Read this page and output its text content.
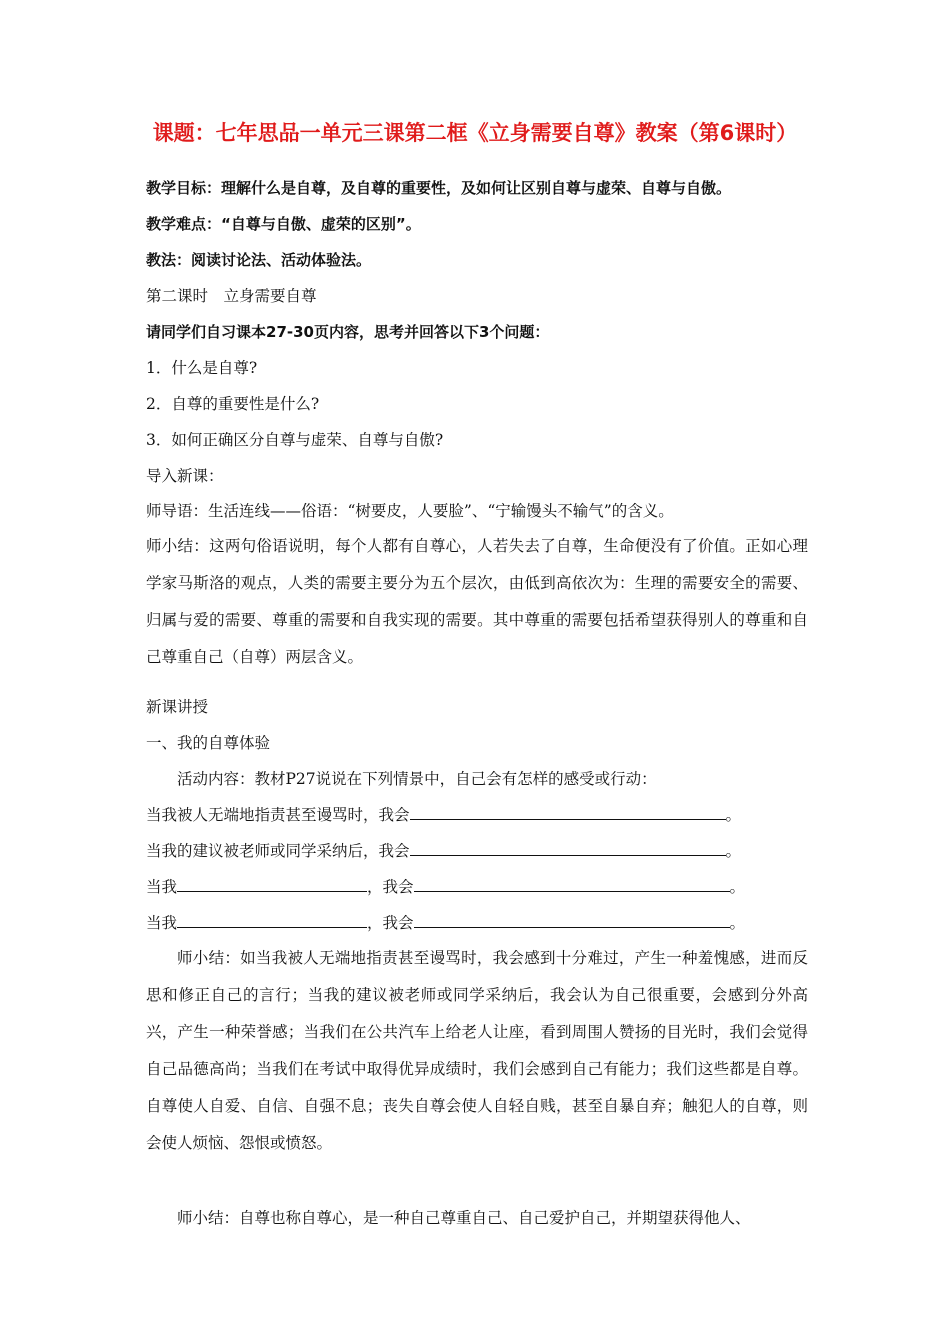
课题：七年思品一单元三课第二框《立身需要自尊》教案（第6课时）
教学目标：理解什么是自尊，及自尊的重要性，及如何让区别自尊与虚荣、自尊与自傲。
教学难点：“自尊与自傲、虚荣的区别”。
教法：阅读讨论法、活动体验法。
第二课时　立身需要自尊
请同学们自习课本27-30页内容，思考并回答以下3个问题：
1．什么是自尊?
2．自尊的重要性是什么?
3．如何正确区分自尊与虚荣、自尊与自傲?
导入新课：
师导语：生活连线——俗语：“树要皮，人要脸”、“宁输馒头不输气”的含义。
师小结：这两句俗语说明，每个人都有自尊心，人若失去了自尊，生命便没有了价值。正如心理学家马斯洛的观点，人类的需要主要分为五个层次，由低到高依次为：生理的需要安全的需要、归属与爱的需要、尊重的需要和自我实现的需要。其中尊重的需要包括希望获得别人的尊重和自己尊重自己（自尊）两层含义。
新课讲授
一、我的自尊体验
活动内容：教材P27说说在下列情景中，自己会有怎样的感受或行动：
当我被人无端地指责甚至谩骂时，我会	。
当我的建议被老师或同学采纳后，我会	。
当我	，我会	。
当我	，我会	。
师小结：如当我被人无端地指责甚至谩骂时，我会感到十分难过，产生一种羞愧感，进而反思和修正自己的言行；当我的建议被老师或同学采纳后，我会认为自己很重要，会感到分外高兴，产生一种荣誉感；当我们在公共汽车上给老人让座，看到周围人赞扬的目光时，我们会觉得自己品德高尚；当我们在考试中取得优异成绩时，我们会感到自己有能力；我们这些都是自尊。自尊使人自爱、自信、自强不息；丧失自尊会使人自轻自贱，甚至自暴自弃；触犯人的自尊，则会使人烦恼、怨恨或愤怒。
师小结：自尊也称自尊心，是一种自己尊重自己、自己爱护自己，并期望获得他人、
